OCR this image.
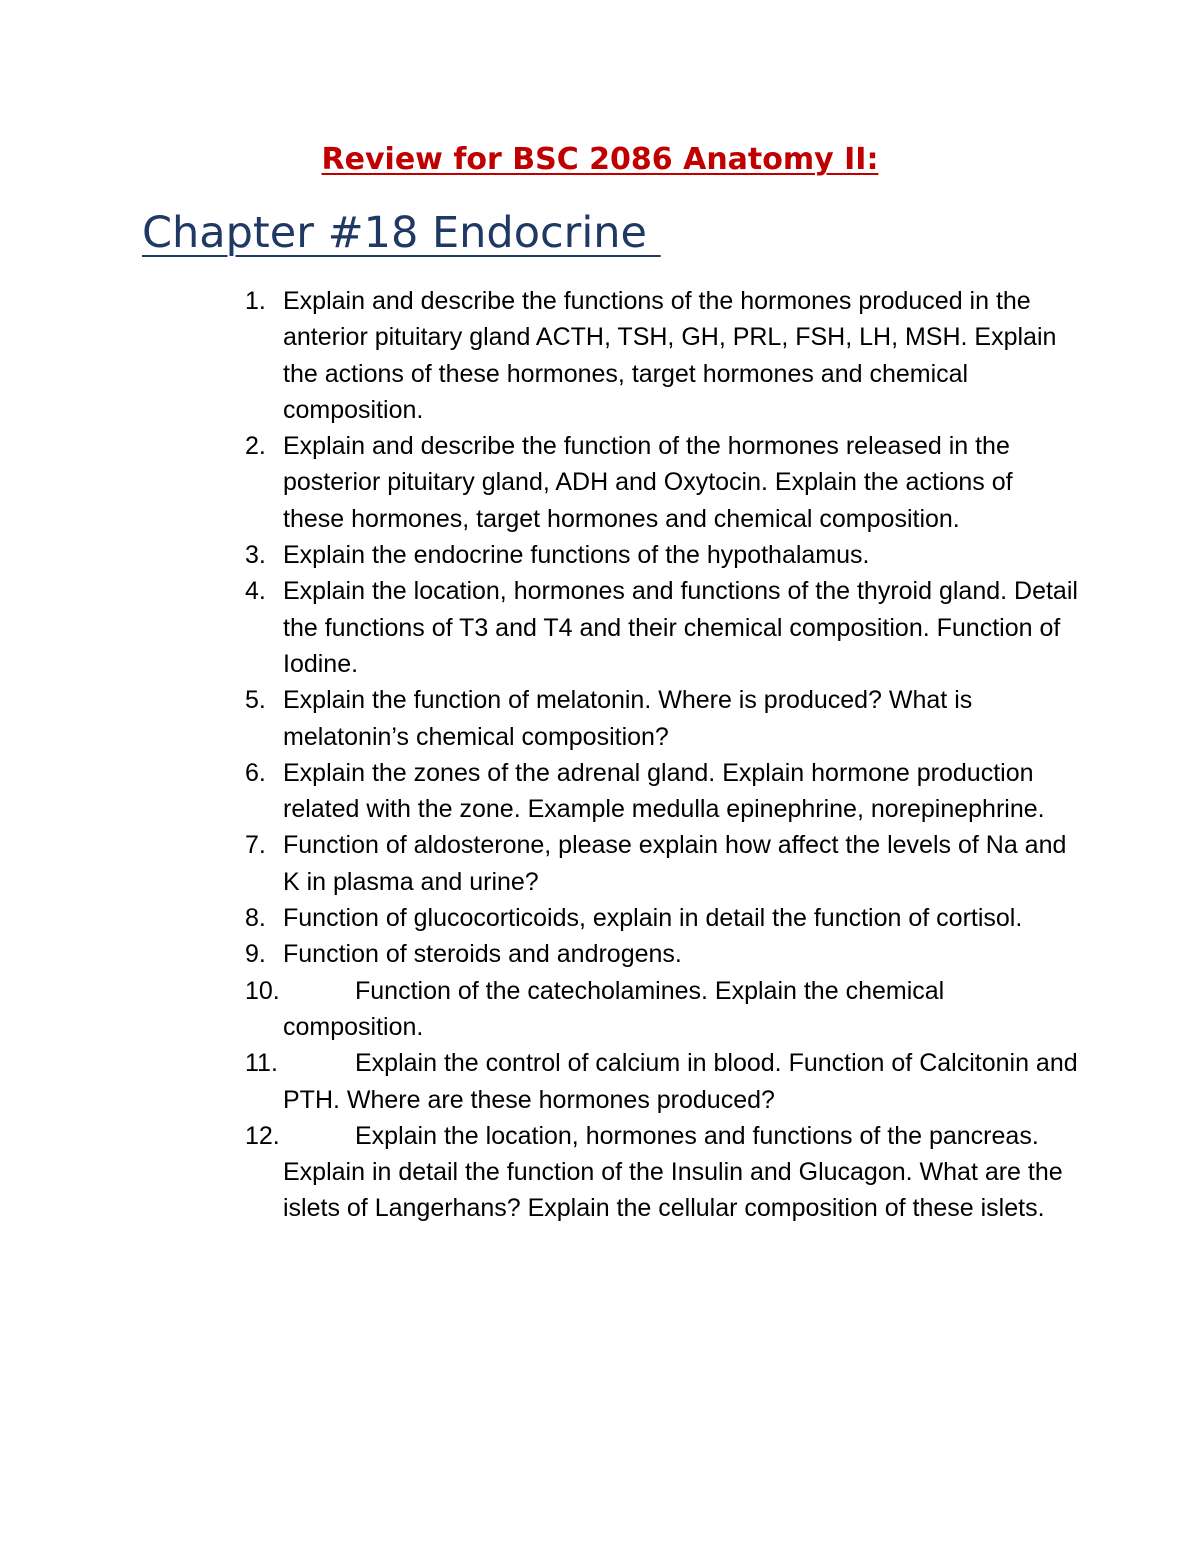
Review for BSC 2086 Anatomy II:
Chapter #18 Endocrine
1. Explain and describe the functions of the hormones produced in the anterior pituitary gland ACTH, TSH, GH, PRL, FSH, LH, MSH. Explain the actions of these hormones, target hormones and chemical composition.
2. Explain and describe the function of the hormones released in the posterior pituitary gland, ADH and Oxytocin. Explain the actions of these hormones, target hormones and chemical composition.
3. Explain the endocrine functions of the hypothalamus.
4. Explain the location, hormones and functions of the thyroid gland. Detail the functions of T3 and T4 and their chemical composition. Function of Iodine.
5. Explain the function of melatonin. Where is produced? What is melatonin’s chemical composition?
6. Explain the zones of the adrenal gland. Explain hormone production related with the zone. Example medulla epinephrine, norepinephrine.
7. Function of aldosterone, please explain how affect the levels of Na and K in plasma and urine?
8. Function of glucocorticoids, explain in detail the function of cortisol.
9. Function of steroids and androgens.
10.	Function of the catecholamines. Explain the chemical composition.
11.	Explain the control of calcium in blood. Function of Calcitonin and PTH. Where are these hormones produced?
12.	Explain the location, hormones and functions of the pancreas. Explain in detail the function of the Insulin and Glucagon. What are the islets of Langerhans? Explain the cellular composition of these islets.
